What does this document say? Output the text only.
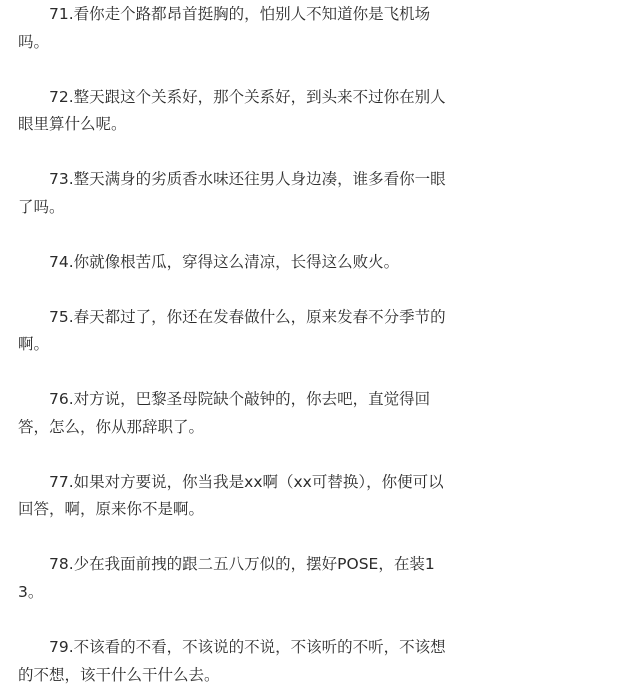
71.看你走个路都昂首挺胸的，怕别人不知道你是飞机场吗。

72.整天跟这个关系好，那个关系好，到头来不过你在别人眼里算什么呢。

73.整天满身的劣质香水味还往男人身边凑，谁多看你一眼了吗。

74.你就像根苦瓜，穿得这么清凉，长得这么败火。

75.春天都过了，你还在发春做什么，原来发春不分季节的啊。

76.对方说，巴黎圣母院缺个敲钟的，你去吧，直觉得回答，怎么，你从那辞职了。

77.如果对方要说，你当我是xx啊（xx可替换），你便可以回答，啊，原来你不是啊。

78.少在我面前拽的跟二五八万似的，摆好POSE，在装13。

79.不该看的不看，不该说的不说，不该听的不听，不该想的不想，该干什么干什么去。
